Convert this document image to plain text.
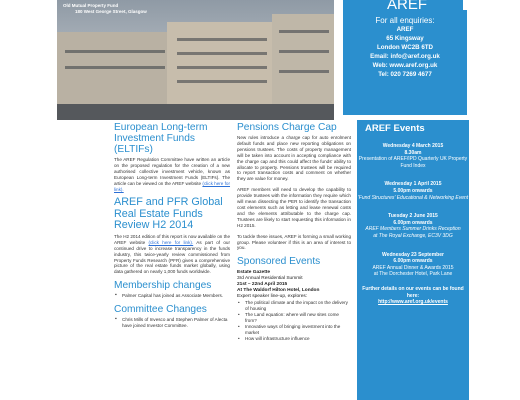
Old Mutual Property Fund
180 West George Street, Glasgow	AREF
For all enquiries:
AREF
65 Kingsway
London WC2B 6TD
Email: info@aref.org.uk
Web: www.aref.org.uk
Tel: 020 7269 4677
European Long-term Investment Funds (ELTIFs)
The AREF Regulation Committee have written an article on the proposed regulation for the creation of a new authorised collective investment vehicle, known as European Long-term Investment Funds (ELTIFs). The article can be viewed on the AREF website (click here for link).
AREF and PFR Global Real Estate Funds Review H2 2014
The H2 2014 edition of this report is now available on the AREF website (click here for link). As part of our continued drive to increase transparency in the funds industry, this twice-yearly review commissioned from Property Funds Research (PFR) gives a comprehensive picture of the real estate funds market globally, using data gathered on nearly 1,000 funds worldwide.
Membership changes
▪ Palmer Capital has joined as Associate Members.
Committee Changes
▪ Chris Mills of Invesco and Stephen Palmer of Alecta have joined Investor Committee.
Pensions Charge Cap
New rules introduce a charge cap for auto enrolment default funds and place new reporting obligations on pensions trustees. The costs of property management will be taken into account in accepting compliance with the charge cap and this could affect the funds' ability to allocate to property. Pensions trustees will be required to report transaction costs and comment on whether they are value for money.
AREF members will need to develop the capability to provide trustees with the information they require which will mean dissecting the PER to identify the transaction cost elements such as letting and lease renewal costs and the elements attributable to the charge cap. Trustees are likely to start requesting this information in H2 2015.
To tackle these issues, AREF is forming a small working group. Please volunteer if this is an area of interest to you.
Sponsored Events
Estate Gazette
3rd Annual Residential Summit
21st – 22nd April 2015
At The Waldorf Hilton Hotel, London
Expert speaker line-up, explores:
• The political climate and the impact on the delivery of housing
• The Land equation: where will new sites come from?
• Innovative ways of bringing investment into the market
• How will infrastructure influence
AREF Events
Wednesday 4 March 2015
8.30am
Presentation of AREF/IPD Quarterly UK Property Fund Index
Wednesday 1 April 2015
5.00pm onwards
'Fund Structures' Educational & Networking Event
Tuesday 2 June 2015
6.00pm onwards
AREF Members Summer Drinks Reception
at The Royal Exchange, EC3V 3DG
Wednesday 23 September
6.00pm onwards
AREF Annual Dinner & Awards 2015
at The Dorchester Hotel, Park Lane
Further details on our events can be found here:
http://www.aref.org.uk/events
